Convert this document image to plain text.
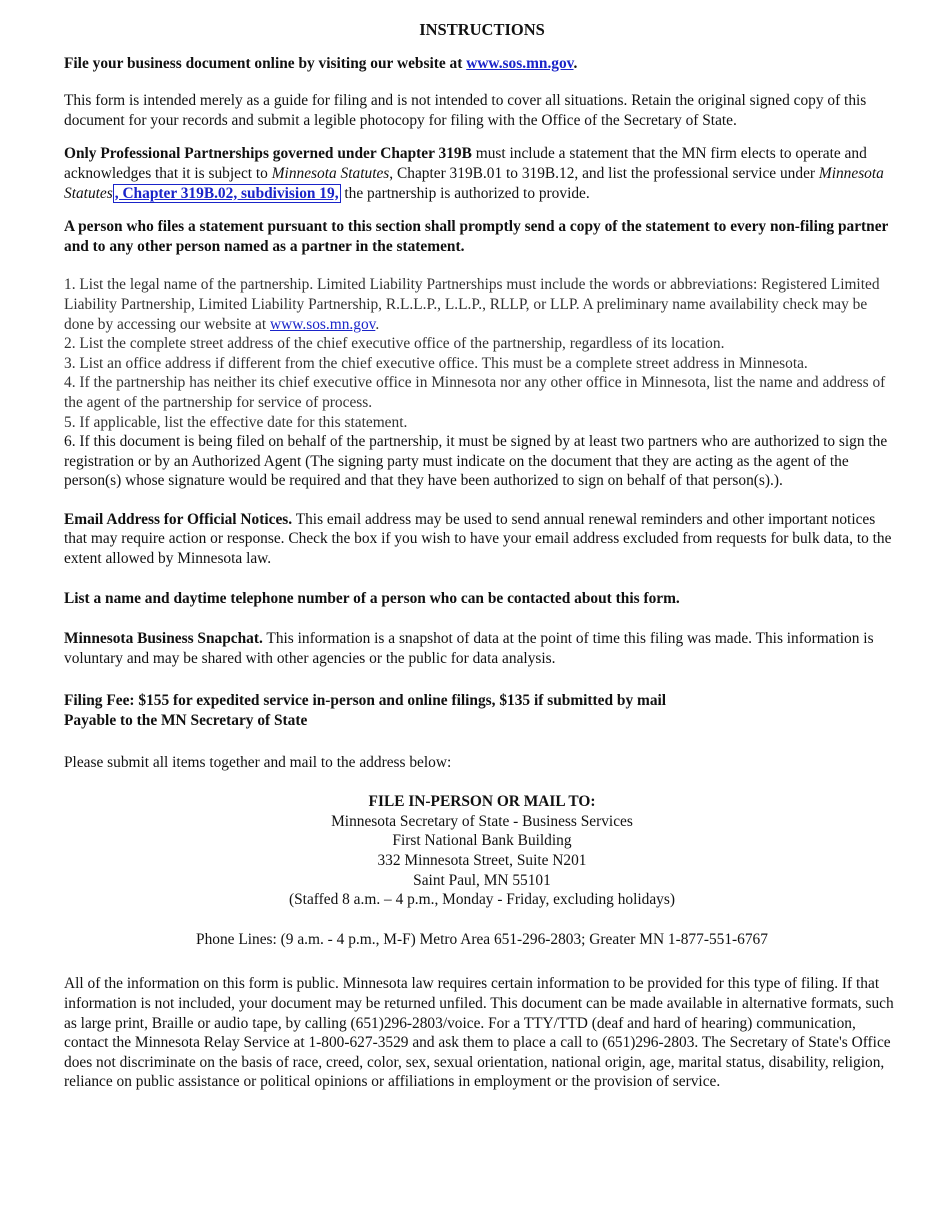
INSTRUCTIONS

File your business document online by visiting our website at www.sos.mn.gov.

This form is intended merely as a guide for filing and is not intended to cover all situations. Retain the original signed copy of this document for your records and submit a legible photocopy for filing with the Office of the Secretary of State.

Only Professional Partnerships governed under Chapter 319B must include a statement that the MN firm elects to operate and acknowledges that it is subject to Minnesota Statutes, Chapter 319B.01 to 319B.12, and list the professional service under Minnesota Statutes , Chapter 319B.02, subdivision 19, the partnership is authorized to provide.

A person who files a statement pursuant to this section shall promptly send a copy of the statement to every non-filing partner and to any other person named as a partner in the statement.

1. List the legal name of the partnership. Limited Liability Partnerships must include the words or abbreviations: Registered Limited Liability Partnership, Limited Liability Partnership, R.L.L.P., L.L.P., RLLP, or LLP. A preliminary name availability check may be done by accessing our website at www.sos.mn.gov.

2. List the complete street address of the chief executive office of the partnership, regardless of its location.

3. List an office address if different from the chief executive office. This must be a complete street address in Minnesota.

4. If the partnership has neither its chief executive office in Minnesota nor any other office in Minnesota, list the name and address of the agent of the partnership for service of process.

5. If applicable, list the effective date for this statement.

6. If this document is being filed on behalf of the partnership, it must be signed by at least two partners who are authorized to sign the registration or by an Authorized Agent (The signing party must indicate on the document that they are acting as the agent of the person(s) whose signature would be required and that they have been authorized to sign on behalf of that person(s).).

Email Address for Official Notices. This email address may be used to send annual renewal reminders and other important notices that may require action or response. Check the box if you wish to have your email address excluded from requests for bulk data, to the extent allowed by Minnesota law.

List a name and daytime telephone number of a person who can be contacted about this form.

Minnesota Business Snapchat. This information is a snapshot of data at the point of time this filing was made. This information is voluntary and may be shared with other agencies or the public for data analysis.

Filing Fee: $155 for expedited service in-person and online filings, $135 if submitted by mail

Payable to the MN Secretary of State

Please submit all items together and mail to the address below:

FILE IN-PERSON OR MAIL TO:

Minnesota Secretary of State - Business Services

First National Bank Building

332 Minnesota Street, Suite N201

Saint Paul, MN 55101

(Staffed 8 a.m. – 4 p.m., Monday - Friday, excluding holidays)

Phone Lines: (9 a.m. - 4 p.m., M-F) Metro Area 651-296-2803; Greater MN 1-877-551-6767

All of the information on this form is public. Minnesota law requires certain information to be provided for this type of filing. If that information is not included, your document may be returned unfiled. This document can be made available in alternative formats, such as large print, Braille or audio tape, by calling (651)296-2803/voice. For a TTY/TTD (deaf and hard of hearing) communication, contact the Minnesota Relay Service at 1-800-627-3529 and ask them to place a call to (651)296-2803. The Secretary of State's Office does not discriminate on the basis of race, creed, color, sex, sexual orientation, national origin, age, marital status, disability, religion, reliance on public assistance or political opinions or affiliations in employment or the provision of service.
